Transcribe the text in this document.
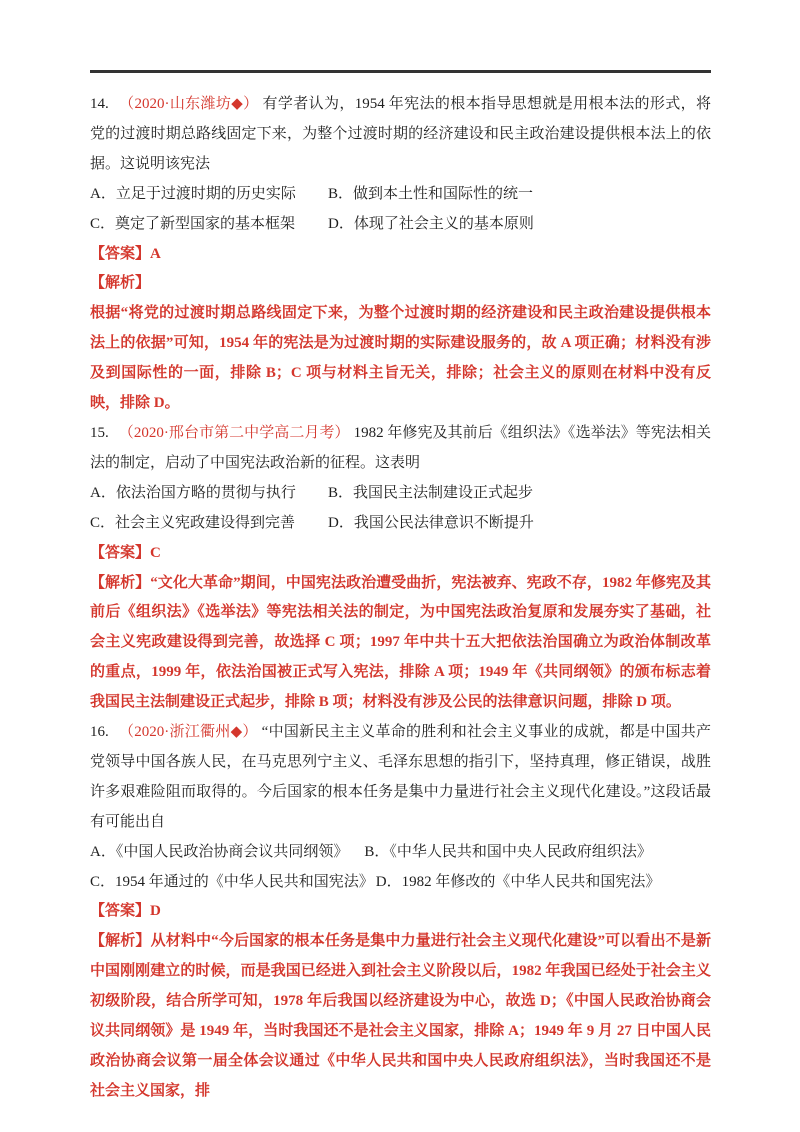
14. （2020·山东潍坊◆） 有学者认为，1954 年宪法的根本指导思想就是用根本法的形式，将党的过渡时期总路线固定下来，为整个过渡时期的经济建设和民主政治建设提供根本法上的依据。这说明该宪法

A．立足于过渡时期的历史实际	B．做到本土性和国际性的统一
C．奠定了新型国家的基本框架	D．体现了社会主义的基本原则

【答案】A

【解析】

根据“将党的过渡时期总路线固定下来，为整个过渡时期的经济建设和民主政治建设提供根本法上的依据”可知，1954 年的宪法是为过渡时期的实际建设服务的，故 A 项正确；材料没有涉及到国际性的一面，排除 B；C 项与材料主旨无关，排除；社会主义的原则在材料中没有反映，排除 D。

15. （2020·邢台市第二中学高二月考） 1982 年修宪及其前后《组织法》《选举法》等宪法相关法的制定，启动了中国宪法政治新的征程。这表明

A．依法治国方略的贯彻与执行	B．我国民主法制建设正式起步
C．社会主义宪政建设得到完善	D．我国公民法律意识不断提升

【答案】C

【解析】“文化大革命”期间，中国宪法政治遭受曲折，宪法被弃、宪政不存，1982 年修宪及其前后《组织法》《选举法》等宪法相关法的制定，为中国宪法政治复原和发展夯实了基础，社会主义宪政建设得到完善，故选择 C 项；1997 年中共十五大把依法治国确立为政治体制改革的重点，1999 年，依法治国被正式写入宪法，排除 A 项；1949 年《共同纲领》的颁布标志着我国民主法制建设正式起步，排除 B 项；材料没有涉及公民的法律意识问题，排除 D 项。

16. （2020·浙江衢州◆） “中国新民主主义革命的胜利和社会主义事业的成就，都是中国共产党领导中国各族人民，在马克思列宁主义、毛泽东思想的指引下，坚持真理，修正错误，战胜许多艰难险阻而取得的。今后国家的根本任务是集中力量进行社会主义现代化建设。”这段话最有可能出自

A．《中国人民政治协商会议共同纲领》 B．《中华人民共和国中央人民政府组织法》
C．1954 年通过的《中华人民共和国宪法》 D．1982 年修改的《中华人民共和国宪法》

【答案】D

【解析】从材料中“今后国家的根本任务是集中力量进行社会主义现代化建设”可以看出不是新中国刚刚建立的时候，而是我国已经进入到社会主义阶段以后，1982 年我国已经处于社会主义初级阶段，结合所学可知，1978 年后我国以经济建设为中心，故选 D；《中国人民政治协商会议共同纲领》是 1949 年，当时我国还不是社会主义国家，排除 A；1949 年 9 月 27 日中国人民政治协商会议第一届全体会议通过《中华人民共和国中央人民政府组织法》，当时我国还不是社会主义国家，排
